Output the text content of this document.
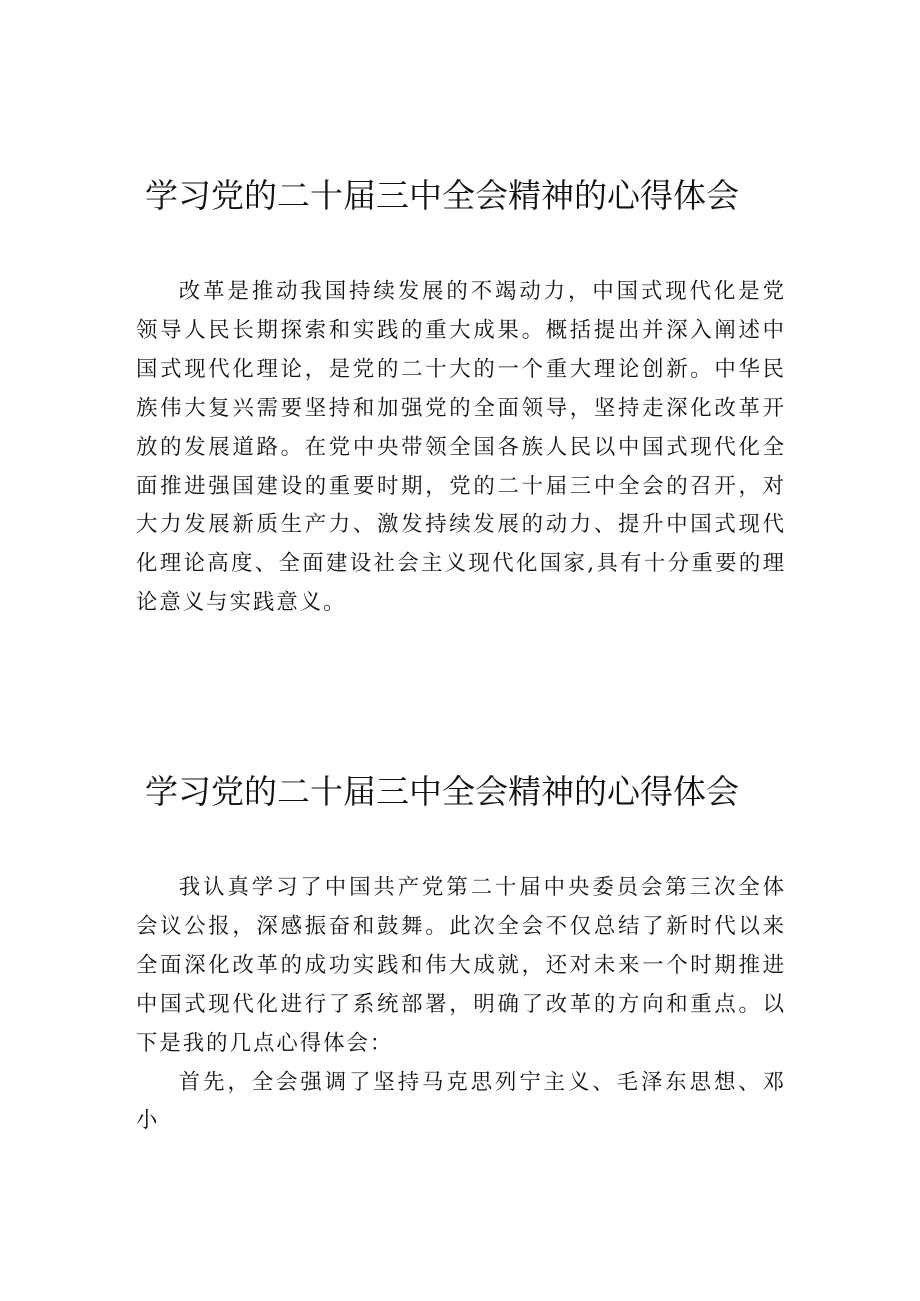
学习党的二十届三中全会精神的心得体会

改革是推动我国持续发展的不竭动力，中国式现代化是党领导人民长期探索和实践的重大成果。概括提出并深入阐述中国式现代化理论，是党的二十大的一个重大理论创新。中华民族伟大复兴需要坚持和加强党的全面领导，坚持走深化改革开放的发展道路。在党中央带领全国各族人民以中国式现代化全面推进强国建设的重要时期，党的二十届三中全会的召开，对大力发展新质生产力、激发持续发展的动力、提升中国式现代化理论高度、全面建设社会主义现代化国家,具有十分重要的理论意义与实践意义。

学习党的二十届三中全会精神的心得体会

我认真学习了中国共产党第二十届中央委员会第三次全体会议公报，深感振奋和鼓舞。此次全会不仅总结了新时代以来全面深化改革的成功实践和伟大成就，还对未来一个时期推进中国式现代化进行了系统部署，明确了改革的方向和重点。以下是我的几点心得体会：

首先，全会强调了坚持马克思列宁主义、毛泽东思想、邓小
